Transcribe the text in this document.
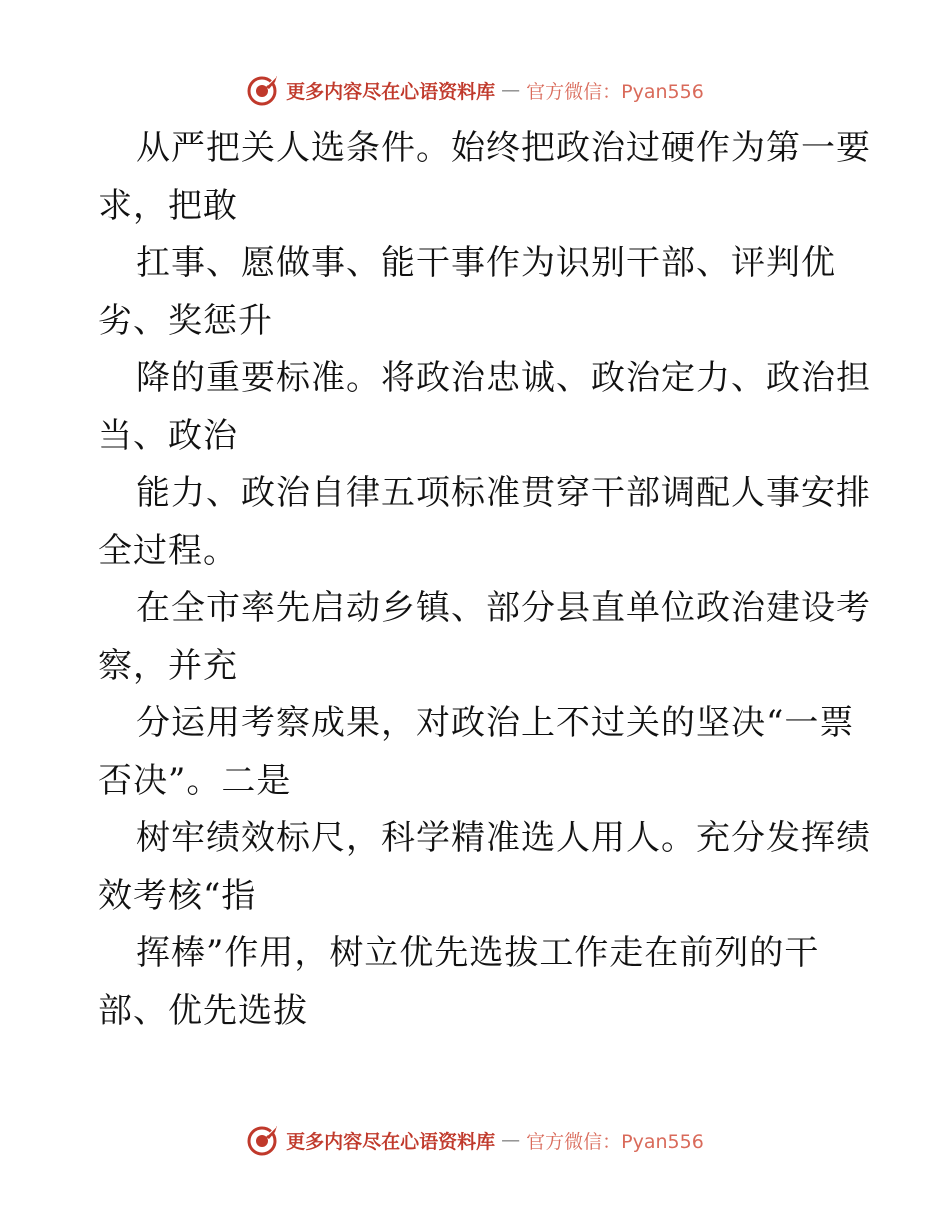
更多内容尽在心语资料库 — 官方微信：Pyan556
从严把关人选条件。始终把政治过硬作为第一要
求，把敢
扛事、愿做事、能干事作为识别干部、评判优
劣、奖惩升
降的重要标准。将政治忠诚、政治定力、政治担
当、政治
能力、政治自律五项标准贯穿干部调配人事安排
全过程。
在全市率先启动乡镇、部分县直单位政治建设考
察，并充
分运用考察成果，对政治上不过关的坚决“一票
否决”。二是
树牢绩效标尺，科学精准选人用人。充分发挥绩
效考核“指
挥棒”作用，树立优先选拔工作走在前列的干
部、优先选拔
更多内容尽在心语资料库 — 官方微信：Pyan556
